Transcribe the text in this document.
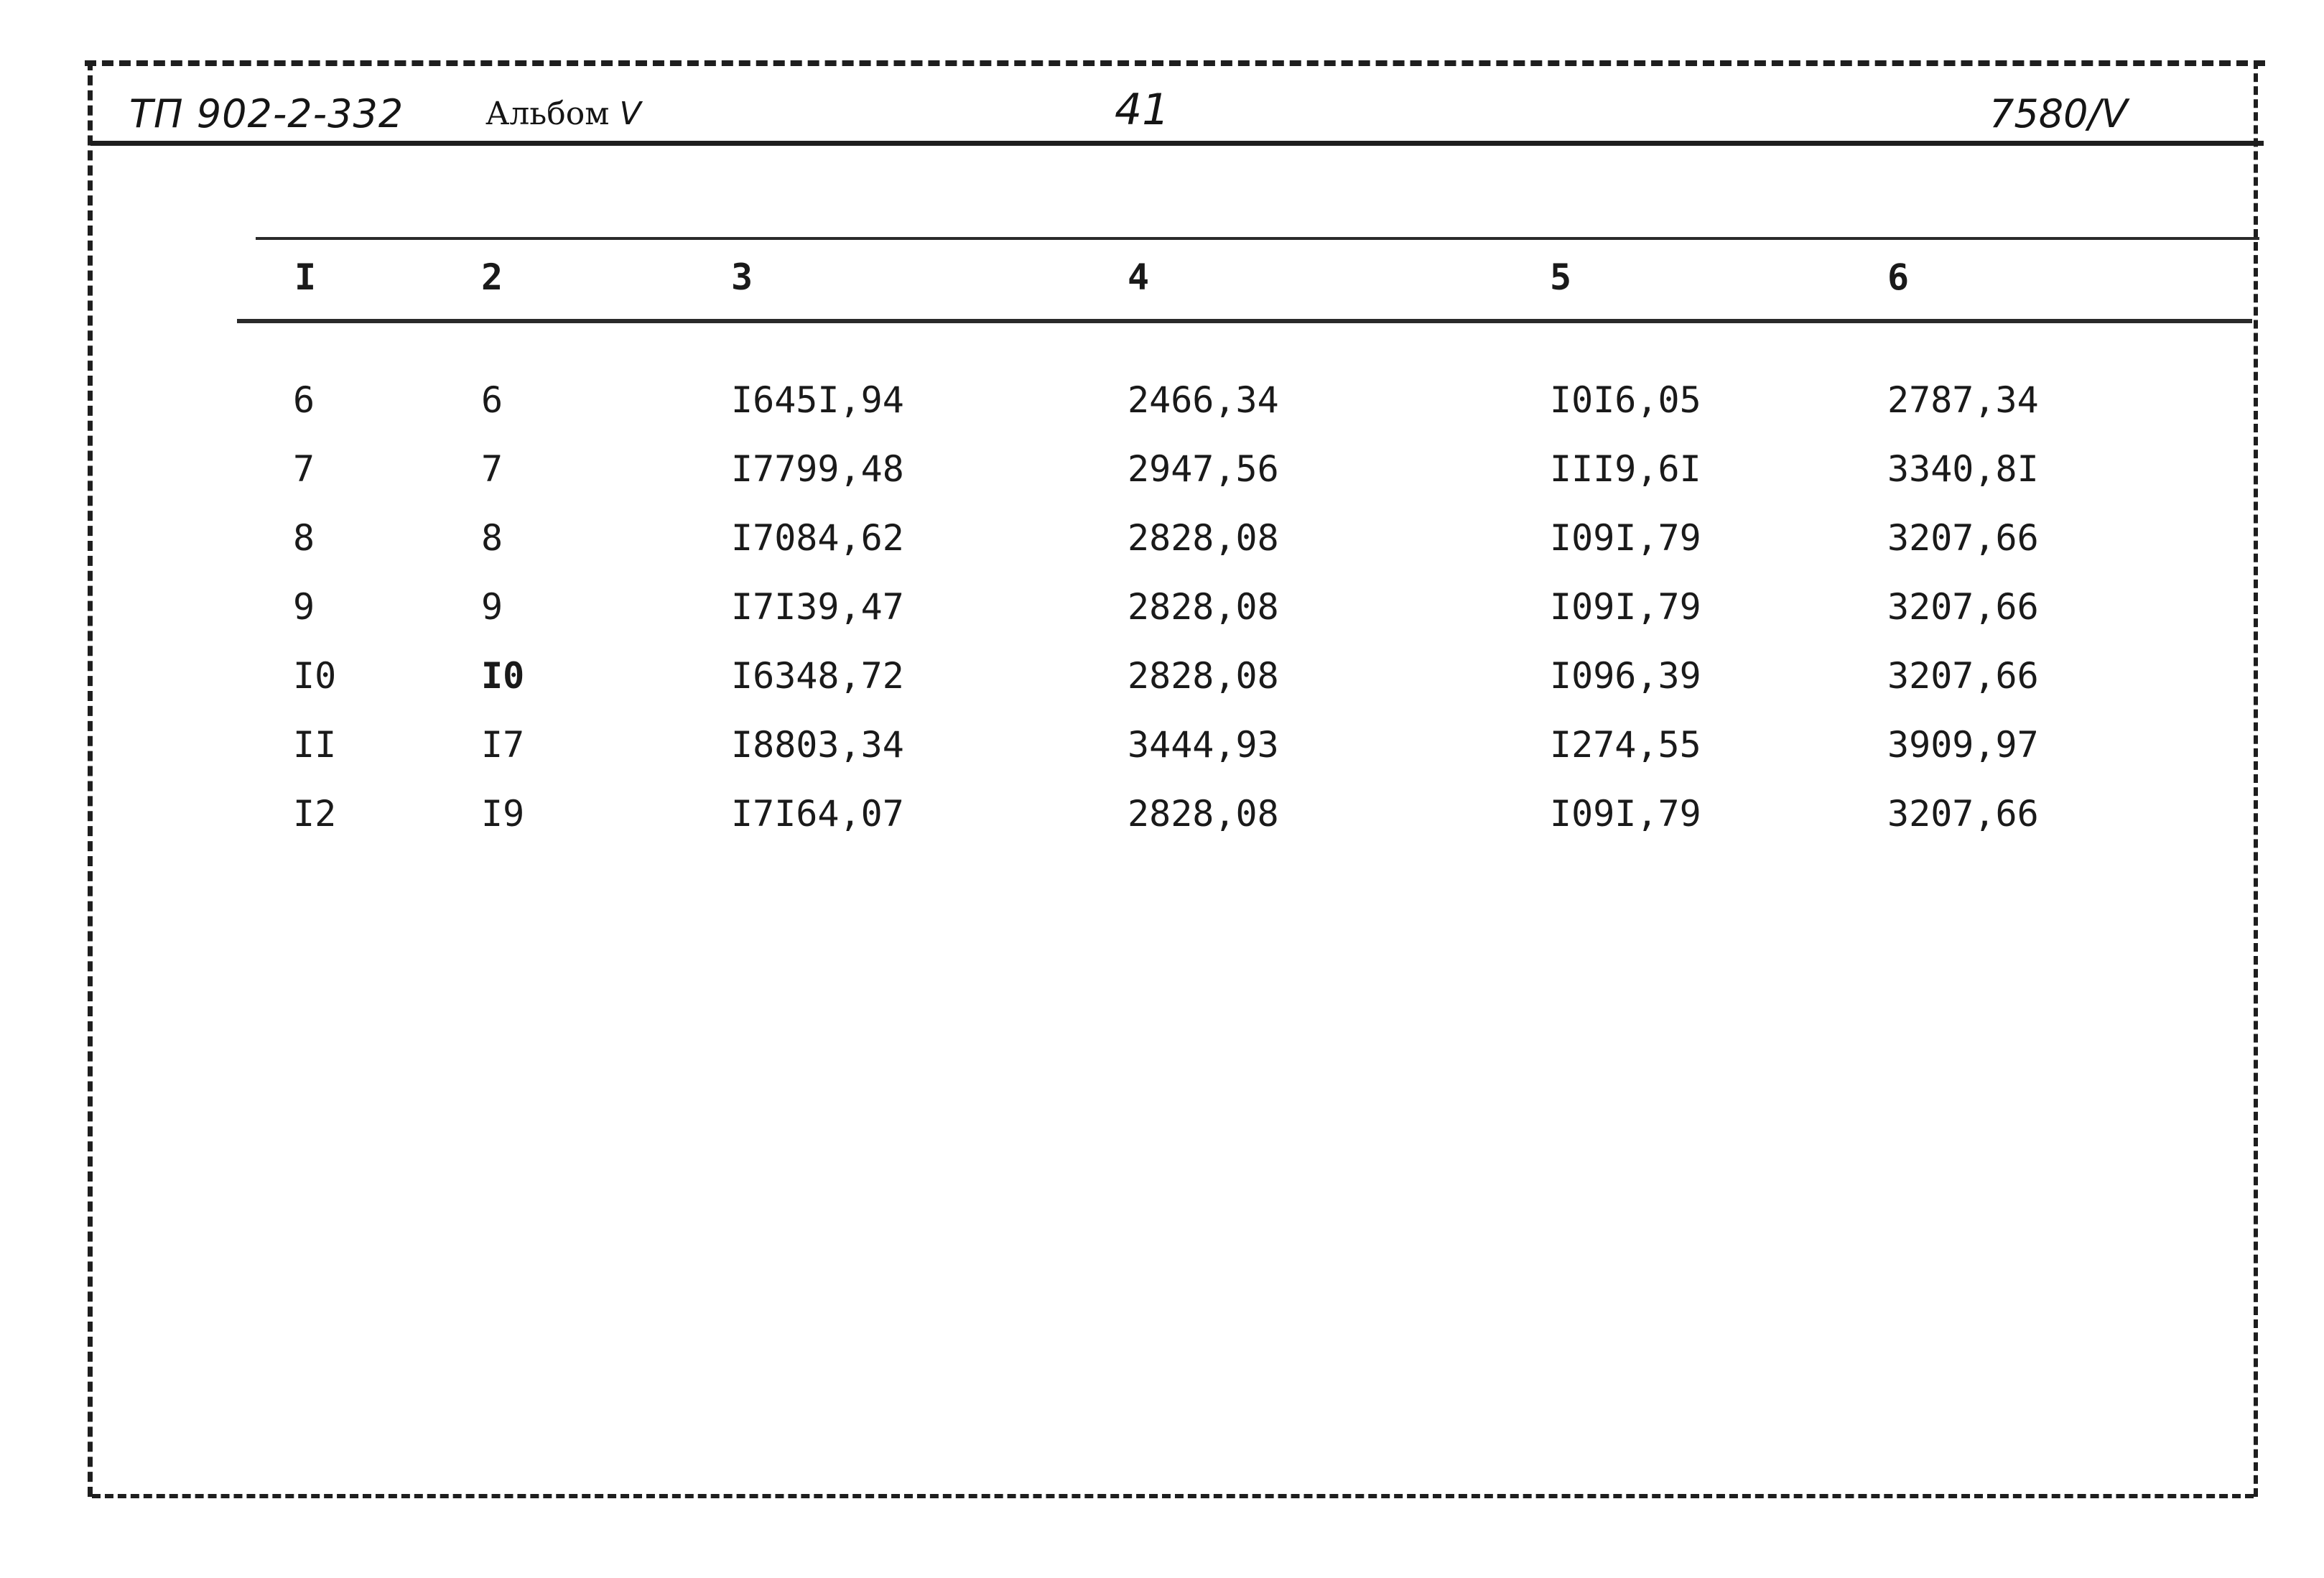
ТП 902-2-332	Альбом V	41	7580/V
I	2	3	4	5	6
6	6	I645I,94	2466,34	I0I6,05	2787,34
7	7	I7799,48	2947,56	III9,6I	3340,8I
8	8	I7084,62	2828,08	I09I,79	3207,66
9	9	I7I39,47	2828,08	I09I,79	3207,66
I0	I0	I6348,72	2828,08	I096,39	3207,66
II	I7	I8803,34	3444,93	I274,55	3909,97
I2	I9	I7I64,07	2828,08	I09I,79	3207,66
